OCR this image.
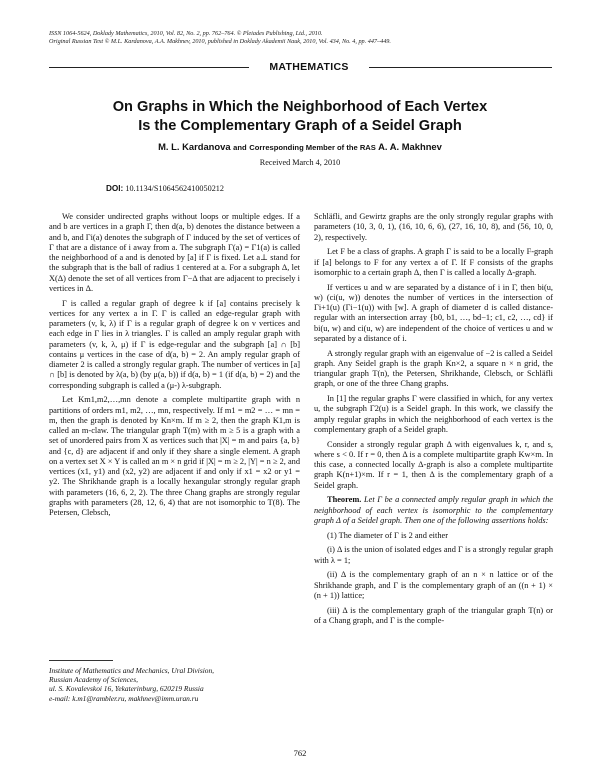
ISSN 1064-5624, Doklady Mathematics, 2010, Vol. 82, No. 2, pp. 762–764. © Pleiades Publishing, Ltd., 2010.
Original Russian Text © M.L. Kardanova, A.A. Makhnev, 2010, published in Doklady Akademii Nauk, 2010, Vol. 434, No. 4, pp. 447–449.
MATHEMATICS
On Graphs in Which the Neighborhood of Each Vertex
Is the Complementary Graph of a Seidel Graph
M. L. Kardanova and Corresponding Member of the RAS A. A. Makhnev
Received March 4, 2010
DOI: 10.1134/S1064562410050212

We consider undirected graphs without loops or multiple edges. If a and b are vertices in a graph Γ, then d(a, b) denotes the distance between a and b, and Γi(a) denotes the subgraph of Γ induced by the set of vertices of Γ that are a distance of i away from a. The subgraph Γ(a) = Γ1(a) is called the neighborhood of a and is denoted by [a] if Γ is fixed. Let a⊥ stand for the subgraph that is the ball of radius 1 centered at a. For a subgraph Δ, let X(Δ) denote the set of all vertices from Γ−Δ that are adjacent to precisely i vertices in Δ.

Γ is called a regular graph of degree k if [a] contains precisely k vertices for any vertex a in Γ. Γ is called an edge-regular graph with parameters (v, k, λ) if Γ is a regular graph of degree k on v vertices and each edge in Γ lies in λ triangles. Γ is called an amply regular graph with parameters (v, k, λ, μ) if Γ is edge-regular and the subgraph [a] ∩ [b] contains μ vertices in the case of d(a, b) = 2. An amply regular graph of diameter 2 is called a strongly regular graph. The number of vertices in [a] ∩ [b] is denoted by λ(a, b) (by μ(a, b)) if d(a, b) = 1 (if d(a, b) = 2) and the corresponding subgraph is called a (μ-) λ-subgraph.

Let Km1,m2,…,mn denote a complete multipartite graph with n partitions of orders m1, m2, …, mn, respectively. If m1 = m2 = … = mn = m, then the graph is denoted by Kn×m. If m ≥ 2, then the graph K1,m is called an m-claw. The triangular graph T(m) with m ≥ 5 is a graph with a set of unordered pairs from X as vertices such that |X| = m and pairs {a, b} and {c, d} are adjacent if and only if they share a single element. A graph on a vertex set X × Y is called an m × n grid if |X| = m ≥ 2, |Y| = n ≥ 2, and vertices (x1, y1) and (x2, y2) are adjacent if and only if x1 = x2 or y1 = y2. The Shrikhande graph is a locally hexangular strongly regular graph with parameters (16, 6, 2, 2). The three Chang graphs are strongly regular graphs with parameters (28, 12, 6, 4) that are not isomorphic to T(8). The Petersen, Clebsch,

Schläfli, and Gewirtz graphs are the only strongly regular graphs with parameters (10, 3, 0, 1), (16, 10, 6, 6), (27, 16, 10, 8), and (56, 10, 0, 2), respectively.

Let F be a class of graphs. A graph Γ is said to be a locally F-graph if [a] belongs to F for any vertex a of Γ. If F consists of the graphs isomorphic to a certain graph Δ, then Γ is called a locally Δ-graph.

If vertices u and w are separated by a distance of i in Γ, then bi(u, w) (ci(u, w)) denotes the number of vertices in the intersection of Γi+1(u) (Γi−1(u)) with [w]. A graph of diameter d is called distance-regular with an intersection array {b0, b1, …, bd−1; c1, c2, …, cd} if bi(u, w) and ci(u, w) are independent of the choice of vertices u and w separated by a distance of i.

A strongly regular graph with an eigenvalue of −2 is called a Seidel graph. Any Seidel graph is the graph Kn×2, a square n × n grid, the triangular graph T(n), the Petersen, Shrikhande, Clebsch, or Schläfli graph, or one of the three Chang graphs.

In [1] the regular graphs Γ were classified in which, for any vertex u, the subgraph Γ2(u) is a Seidel graph. In this work, we classify the amply regular graphs in which the neighborhood of each vertex is the complementary graph of a Seidel graph.

Consider a strongly regular graph Δ with eigenvalues k, r, and s, where s < 0. If r = 0, then Δ is a complete multipartite graph Kw×m. In this case, a connected locally Δ-graph is also a complete multipartite graph K(n+1)×m. If r = 1, then Δ is the complementary graph of a Seidel graph.

Theorem. Let Γ be a connected amply regular graph in which the neighborhood of each vertex is isomorphic to the complementary graph Δ of a Seidel graph. Then one of the following assertions holds:

(1) The diameter of Γ is 2 and either

(i) Δ is the union of isolated edges and Γ is a strongly regular graph with λ = 1;

(ii) Δ is the complementary graph of an n × n lattice or of the Shrikhande graph, and Γ is the complementary graph of an ((n + 1) × (n + 1)) lattice;

(iii) Δ is the complementary graph of the triangular graph T(n) or of a Chang graph, and Γ is the comple-

Institute of Mathematics and Mechanics, Ural Division,
Russian Academy of Sciences,
ul. S. Kovalevskoi 16, Yekaterinburg, 620219 Russia
e-mail: k.m1@rambler.ru, makhnev@imm.uran.ru
762
